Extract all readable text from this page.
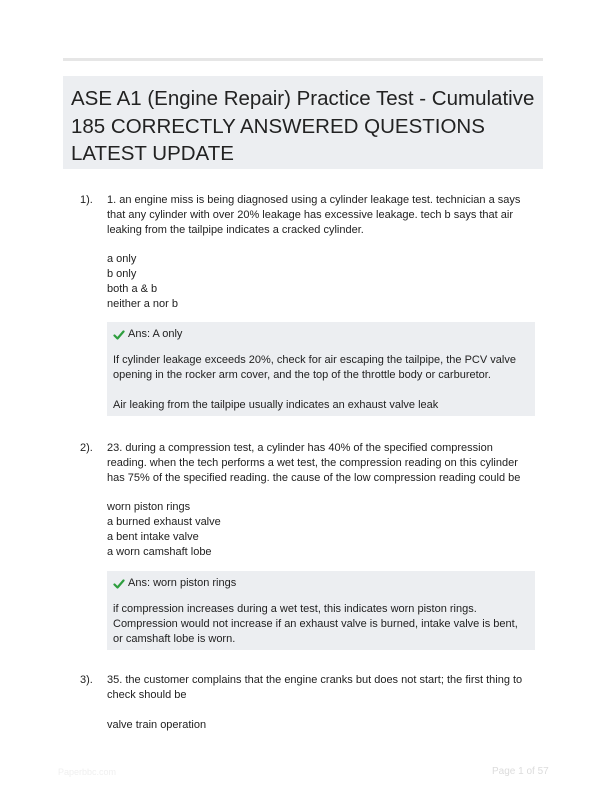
ASE A1 (Engine Repair) Practice Test - Cumulative 185 CORRECTLY ANSWERED QUESTIONS LATEST UPDATE
1). 1. an engine miss is being diagnosed using a cylinder leakage test. technician a says that any cylinder with over 20% leakage has excessive leakage. tech b says that air leaking from the tailpipe indicates a cracked cylinder.
a only
b only
both a & b
neither a nor b
Ans: A only

If cylinder leakage exceeds 20%, check for air escaping the tailpipe, the PCV valve opening in the rocker arm cover, and the top of the throttle body or carburetor.

Air leaking from the tailpipe usually indicates an exhaust valve leak

2). 23. during a compression test, a cylinder has 40% of the specified compression reading. when the tech performs a wet test, the compression reading on this cylinder has 75% of the specified reading. the cause of the low compression reading could be
worn piston rings
a burned exhaust valve
a bent intake valve
a worn camshaft lobe
Ans: worn piston rings

if compression increases during a wet test, this indicates worn piston rings. Compression would not increase if an exhaust valve is burned, intake valve is bent, or camshaft lobe is worn.

3). 35. the customer complains that the engine cranks but does not start; the first thing to check should be
valve train operation
Paperbbc.com	Page 1 of 57
